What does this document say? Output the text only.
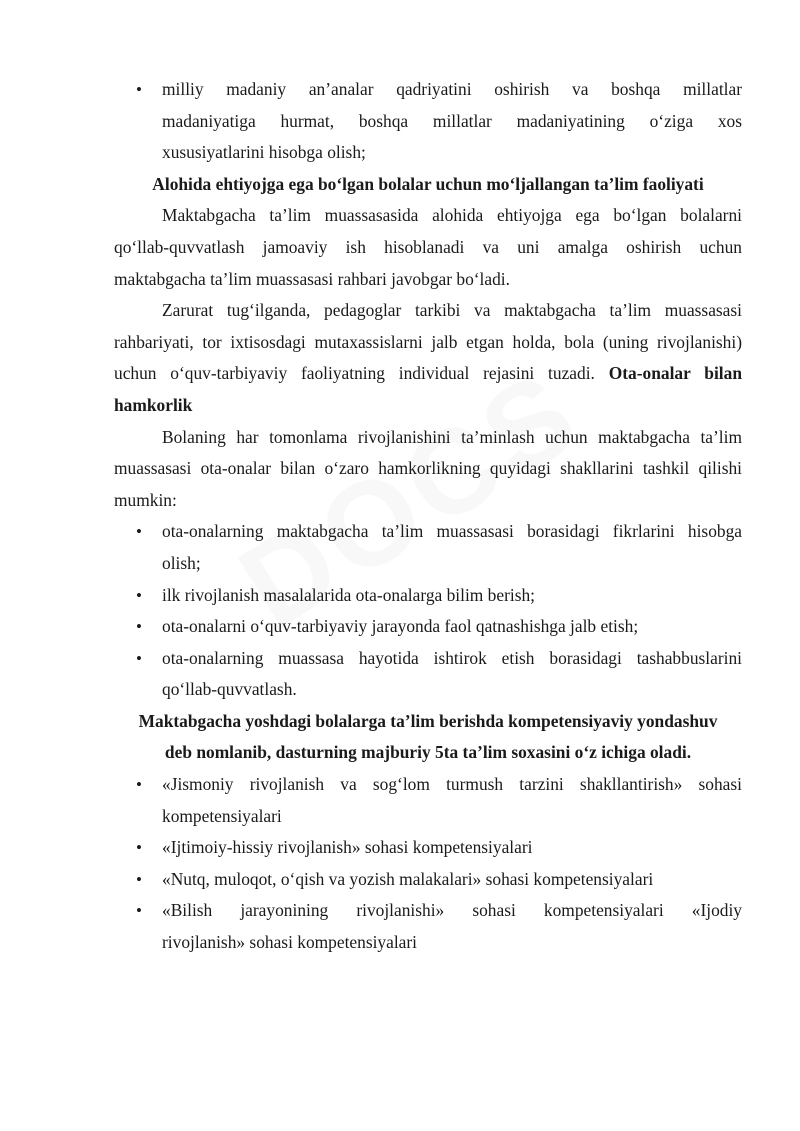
• milliy madaniy an’analar qadriyatini oshirish va boshqa millatlar
madaniyatiga hurmat, boshqa millatlar madaniyatining o‘ziga xos
xususiyatlarini hisobga olish;
Alohida ehtiyojga ega bo‘lgan bolalar uchun mo‘ljallangan ta’lim faoliyati
Maktabgacha ta’lim muassasasida alohida ehtiyojga ega bo‘lgan bolalarni
qo‘llab-quvvatlash jamoaviy ish hisoblanadi va uni amalga oshirish uchun
maktabgacha ta’lim muassasasi rahbari javobgar bo‘ladi.
Zarurat tug‘ilganda, pedagoglar tarkibi va maktabgacha ta’lim muassasasi
rahbariyati, tor ixtisosdagi mutaxassislarni jalb etgan holda, bola (uning rivojlanishi)
uchun o‘quv-tarbiyaviy faoliyatning individual rejasini tuzadi. Ota-onalar bilan
hamkorlik
Bolaning har tomonlama rivojlanishini ta’minlash uchun maktabgacha ta’lim
muassasasi ota-onalar bilan o‘zaro hamkorlikning quyidagi shakllarini tashkil qilishi
mumkin:
• ota-onalarning maktabgacha ta’lim muassasasi borasidagi fikrlarini hisobga
olish;
• ilk rivojlanish masalalarida ota-onalarga bilim berish;
• ota-onalarni o‘quv-tarbiyaviy jarayonda faol qatnashishga jalb etish;
• ota-onalarning muassasa hayotida ishtirok etish borasidagi tashabbuslarini
qo‘llab-quvvatlash.
Maktabgacha yoshdagi bolalarga ta’lim berishda kompetensiyaviy yondashuv
deb nomlanib, dasturning majburiy 5ta ta’lim soxasini o‘z ichiga oladi.
• «Jismoniy rivojlanish va sog‘lom turmush tarzini shakllantirish» sohasi
kompetensiyalari
• «Ijtimoiy-hissiy rivojlanish» sohasi kompetensiyalari
• «Nutq, muloqot, o‘qish va yozish malakalari» sohasi kompetensiyalari
• «Bilish jarayonining rivojlanishi» sohasi kompetensiyalari «Ijodiy
rivojlanish» sohasi kompetensiyalari
